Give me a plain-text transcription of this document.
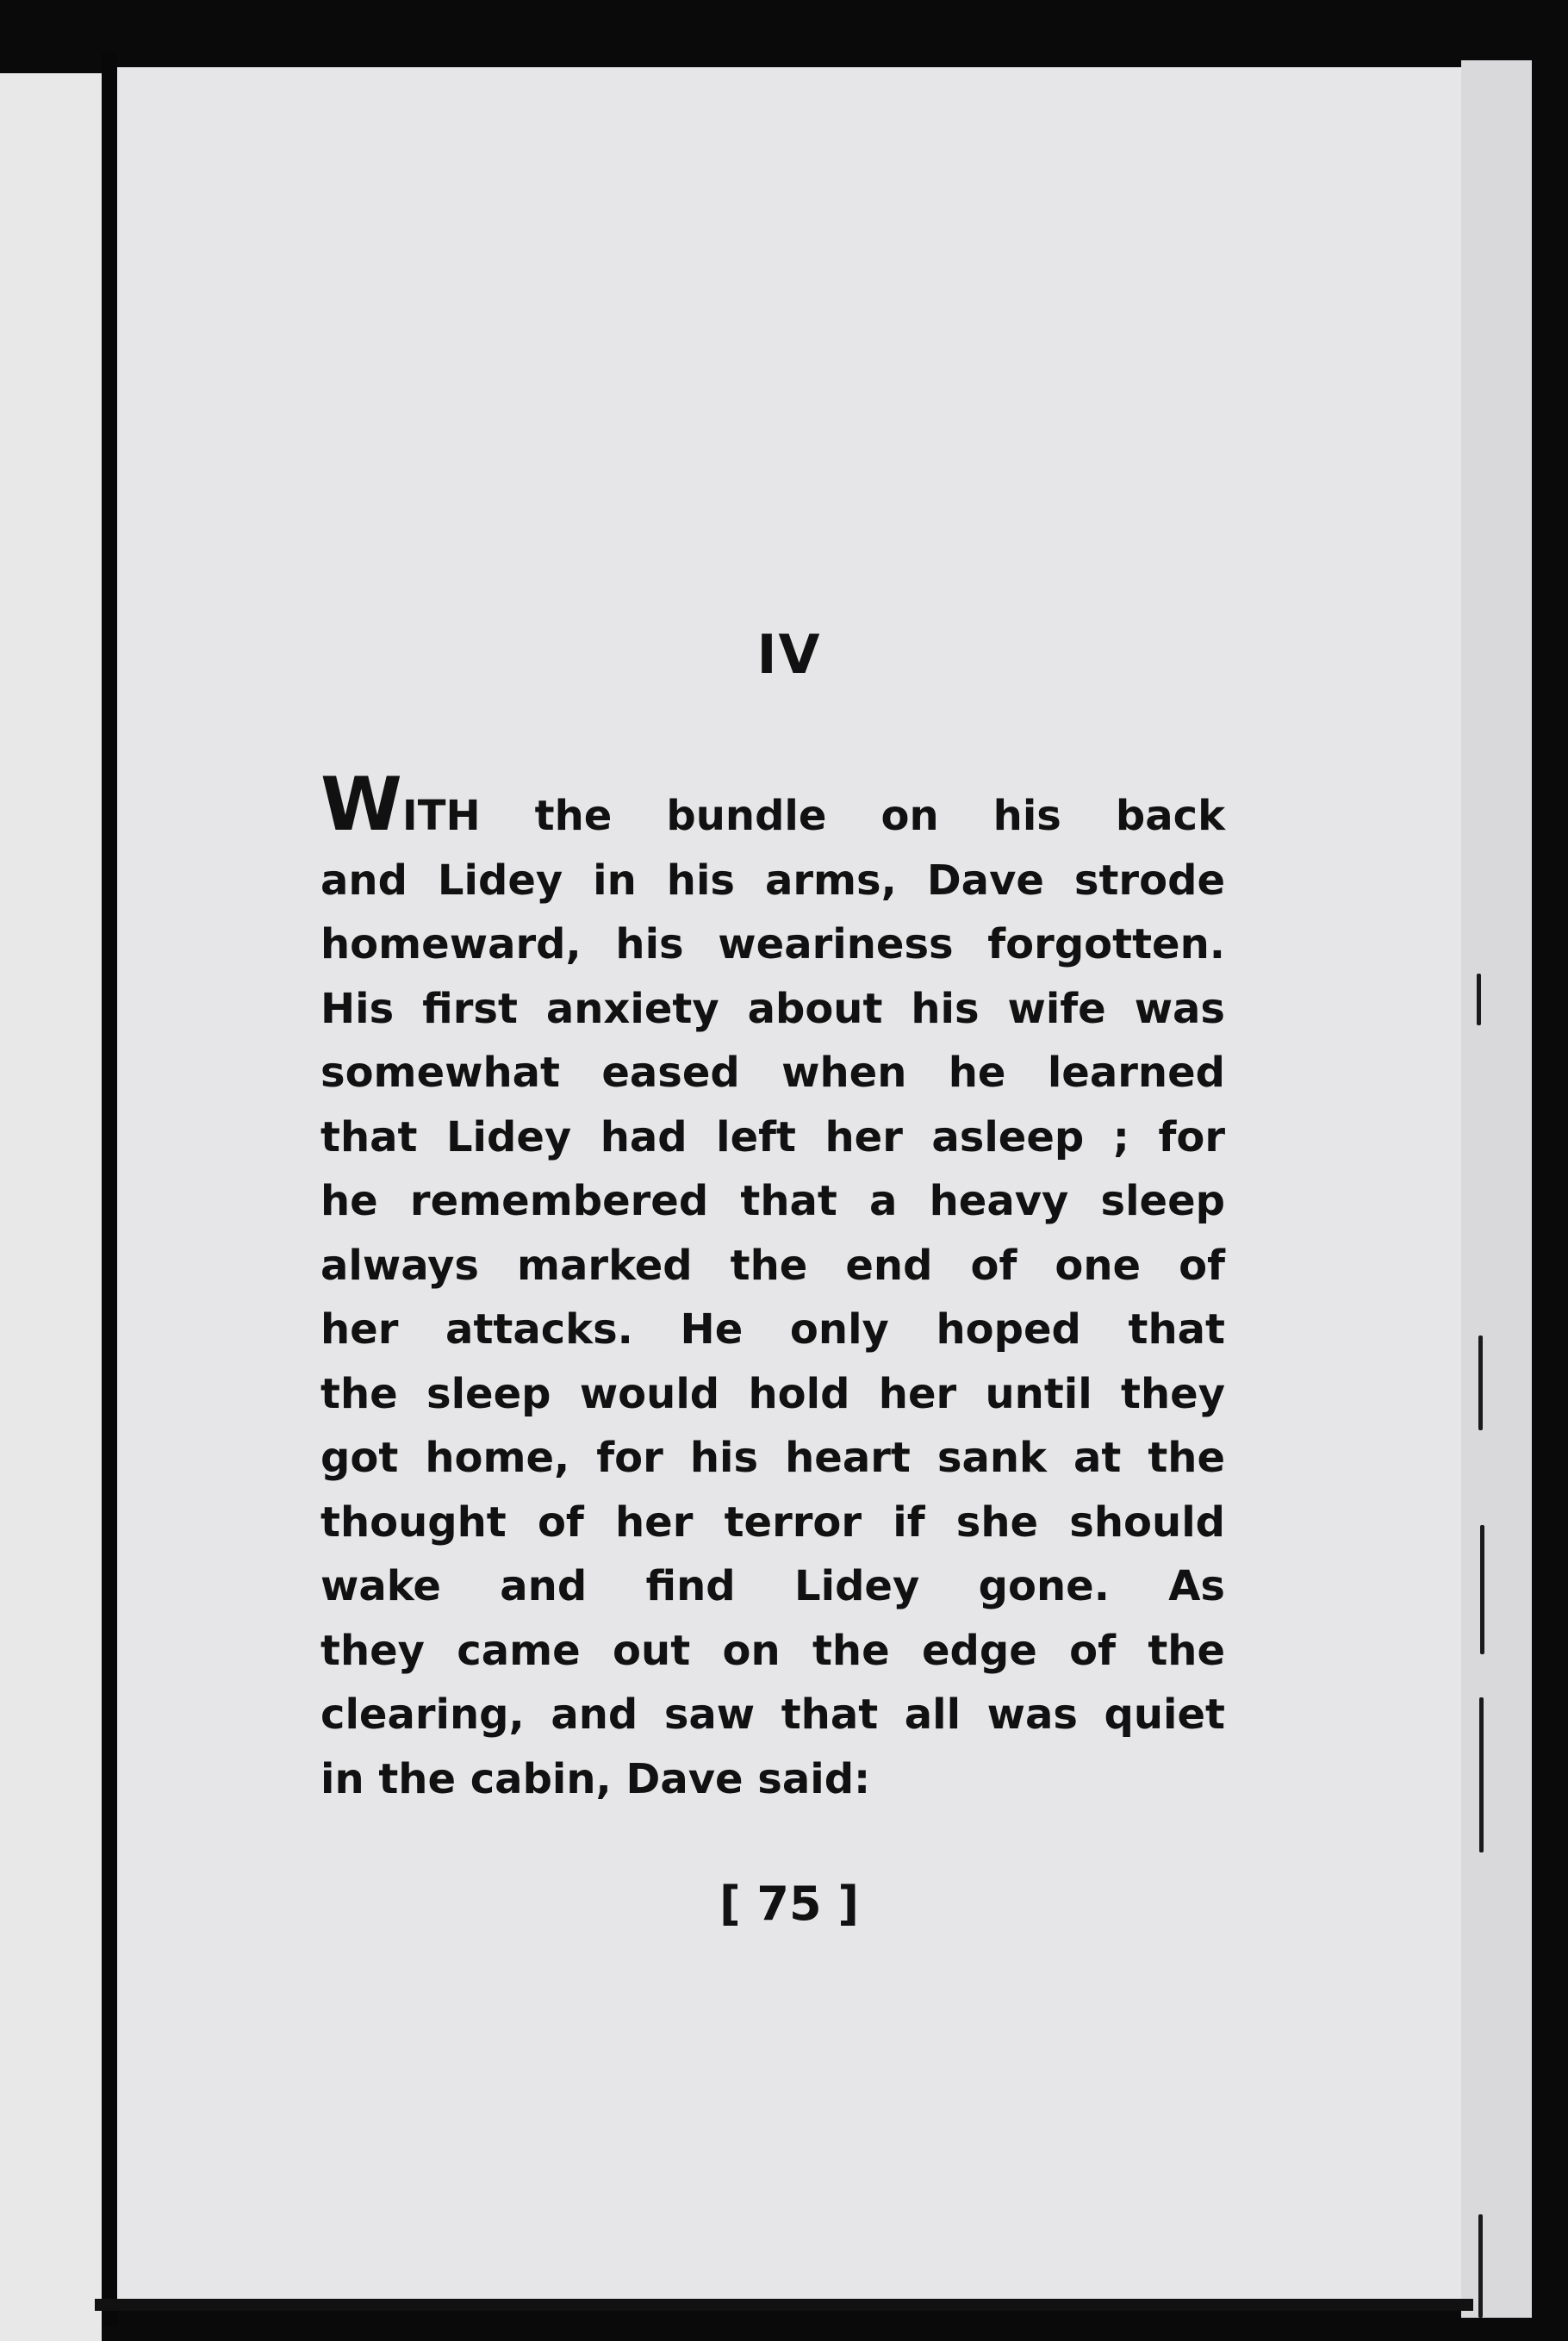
IV
WITH the bundle on his back
and Lidey in his arms, Dave strode
homeward, his weariness forgotten.
His first anxiety about his wife was
somewhat eased when he learned
that Lidey had left her asleep ; for
he remembered that a heavy sleep
always marked the end of one of
her attacks. He only hoped that
the sleep would hold her until they
got home, for his heart sank at the
thought of her terror if she should
wake and find Lidey gone. As
they came out on the edge of the
clearing, and saw that all was quiet
in the cabin, Dave said:
[ 75 ]
